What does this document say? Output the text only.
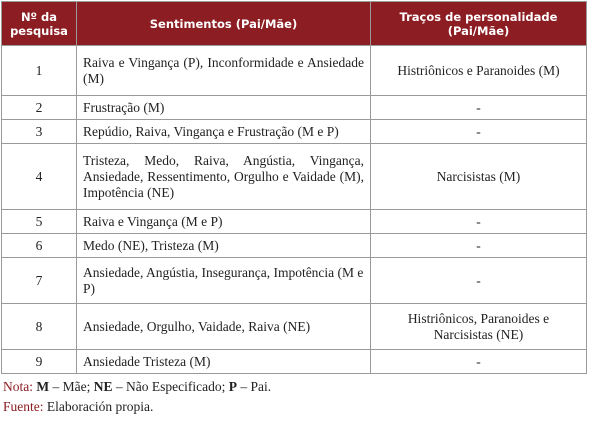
Nº da pesquisa	Sentimentos (Pai/Mãe)	Traços de personalidade (Pai/Mãe)
1	Raiva e Vingança (P), Inconformidade e Ansiedade (M)	Histriônicos e Paranoides (M)
2	Frustração (M)	-
3	Repúdio, Raiva, Vingança e Frustração (M e P)	-
4	Tristeza, Medo, Raiva, Angústia, Vingança, Ansiedade, Ressentimento, Orgulho e Vaidade (M), Impotência (NE)	Narcisistas (M)
5	Raiva e Vingança (M e P)	-
6	Medo (NE), Tristeza (M)	-
7	Ansiedade, Angústia, Insegurança, Impotência (M e P)	-
8	Ansiedade, Orgulho, Vaidade, Raiva (NE)	Histriônicos, Paranoides e Narcisistas (NE)
9	Ansiedade Tristeza (M)	-
Nota: M – Mãe; NE – Não Especificado; P – Pai.
Fuente: Elaboración propia.
